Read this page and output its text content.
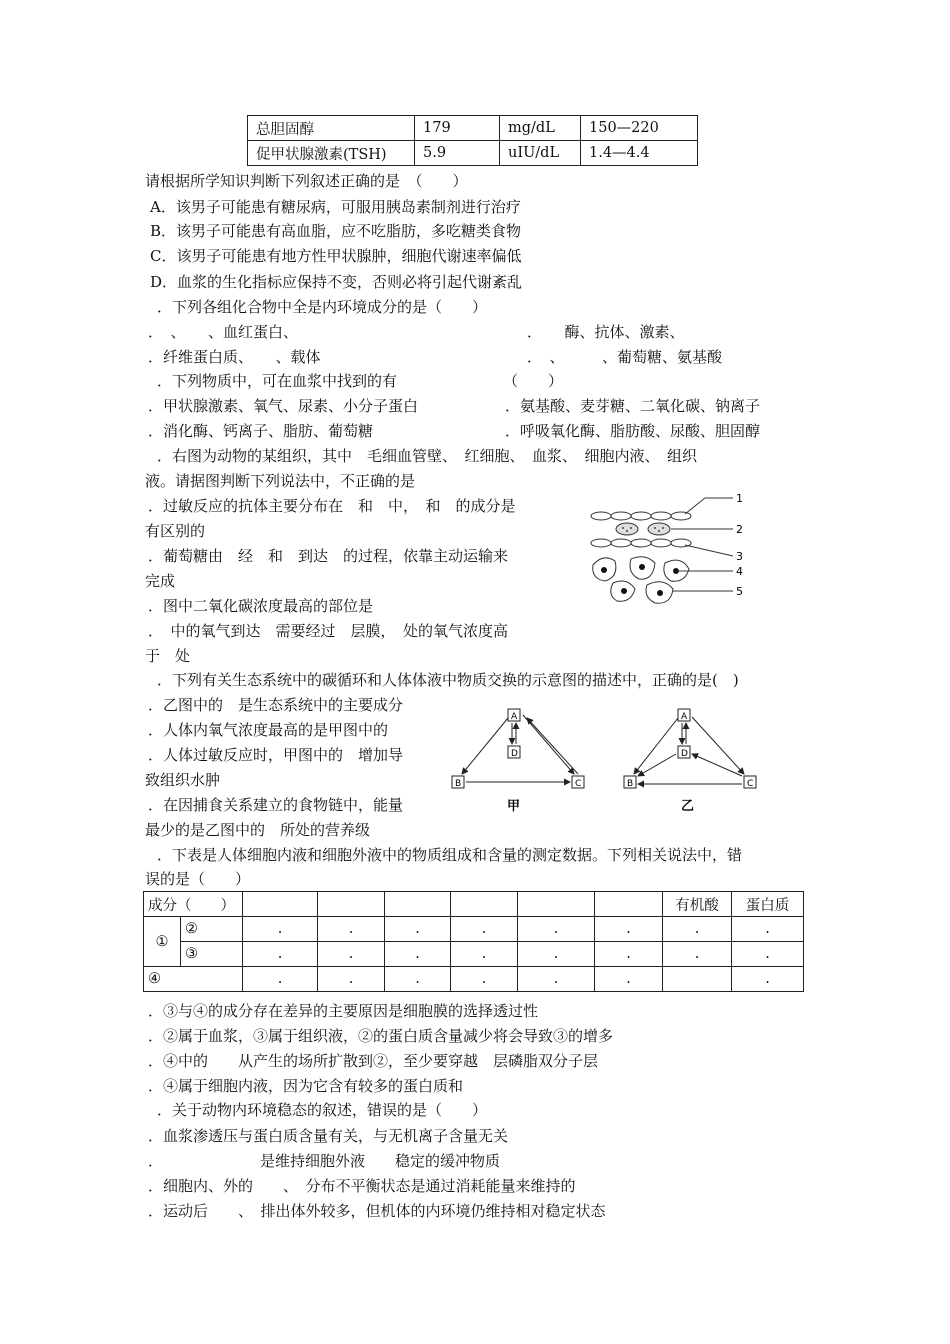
总胆固醇	179	mg/dL	150—220
促甲状腺激素(TSH)	5.9	uIU/dL	1.4—4.4
请根据所学知识判断下列叙述正确的是　（　　）
A．该男子可能患有糖尿病，可服用胰岛素制剂进行治疗
B．该男子可能患有高血脂，应不吃脂肪，多吃糖类食物
C．该男子可能患有地方性甲状腺肿，细胞代谢速率偏低
D．血浆的生化指标应保持不变，否则必将引起代谢紊乱
．下列各组化合物中全是内环境成分的是（　　）
．　、　　、血红蛋白、	．　　酶、抗体、激素、
．纤维蛋白质、　　、载体	．　、　　　、葡萄糖、氨基酸
．下列物质中，可在血浆中找到的有	（　　）
．甲状腺激素、氧气、尿素、小分子蛋白	．氨基酸、麦芽糖、二氧化碳、钠离子
．消化酶、钙离子、脂肪、葡萄糖	．呼吸氧化酶、脂肪酸、尿酸、胆固醇
．右图为动物的某组织，其中　毛细血管壁、　红细胞、　血浆、　细胞内液、　组织
液。请据图判断下列说法中，不正确的是
．过敏反应的抗体主要分布在　和　中，　和　的成分是
有区别的
．葡萄糖由　经　和　到达　的过程，依靠主动运输来
完成
．图中二氧化碳浓度最高的部位是
．　中的氧气到达　需要经过　层膜，　处的氧气浓度高
于　处
1
2
3
4
5
．下列有关生态系统中的碳循环和人体体液中物质交换的示意图的描述中，正确的是(　)
．乙图中的　是生态系统中的主要成分
．人体内氧气浓度最高的是甲图中的
．人体过敏反应时，甲图中的　增加导
致组织水肿
．在因捕食关系建立的食物链中，能量
最少的是乙图中的　所处的营养级
A
D
B	C
甲
A
D
B	C
乙
．下表是人体细胞内液和细胞外液中的物质组成和含量的测定数据。下列相关说法中，错
误的是（　　）
成分（　　）								有机酸	蛋白质
①	②	.	.	.	.	.	.	.	.
	③	.	.	.	.	.	.	.	.
④		.	.	.	.	.	.		.
．③与④的成分存在差异的主要原因是细胞膜的选择透过性
．②属于血浆，③属于组织液，②的蛋白质含量减少将会导致③的增多
．④中的　　从产生的场所扩散到②，至少要穿越　层磷脂双分子层
．④属于细胞内液，因为它含有较多的蛋白质和
．关于动物内环境稳态的叙述，错误的是（　　）
．血浆渗透压与蛋白质含量有关，与无机离子含量无关
．	是维持细胞外液　　稳定的缓冲物质
．细胞内、外的　　、　分布不平衡状态是通过消耗能量来维持的
．运动后　　、　排出体外较多，但机体的内环境仍维持相对稳定状态
